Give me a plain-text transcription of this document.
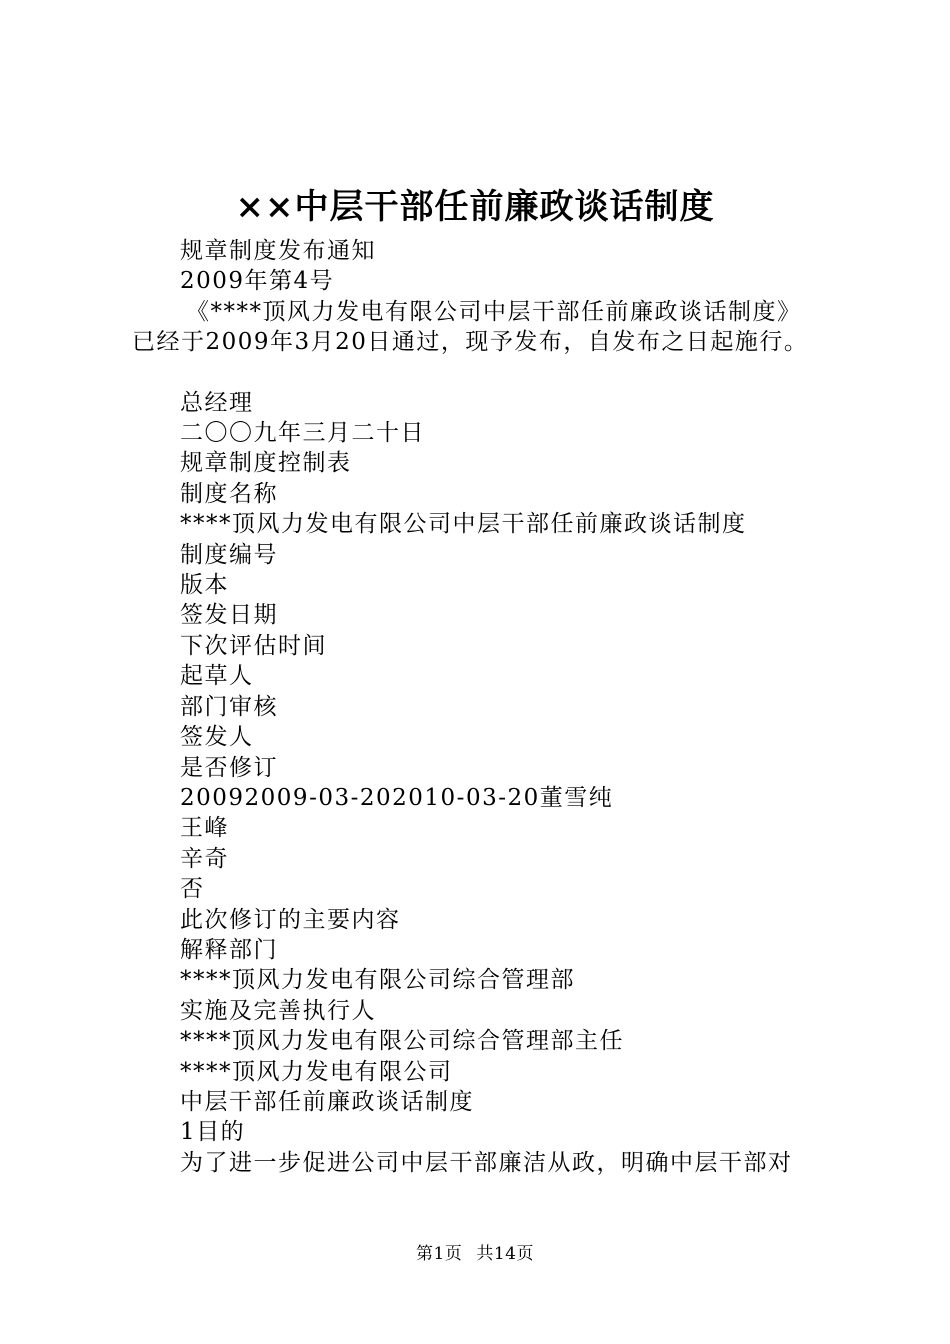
××中层干部任前廉政谈话制度

规章制度发布通知

2009年第4号

《****顶风力发电有限公司中层干部任前廉政谈话制度》

已经于2009年3月20日通过，现予发布，自发布之日起施行。

总经理

二〇〇九年三月二十日

规章制度控制表

制度名称

****顶风力发电有限公司中层干部任前廉政谈话制度

制度编号

版本

签发日期

下次评估时间

起草人

部门审核

签发人

是否修订

20092009-03-202010-03-20董雪纯

王峰

辛奇

否

此次修订的主要内容

解释部门

****顶风力发电有限公司综合管理部

实施及完善执行人

****顶风力发电有限公司综合管理部主任

****顶风力发电有限公司

中层干部任前廉政谈话制度

1目的

为了进一步促进公司中层干部廉洁从政，明确中层干部对

第1页 共14页
